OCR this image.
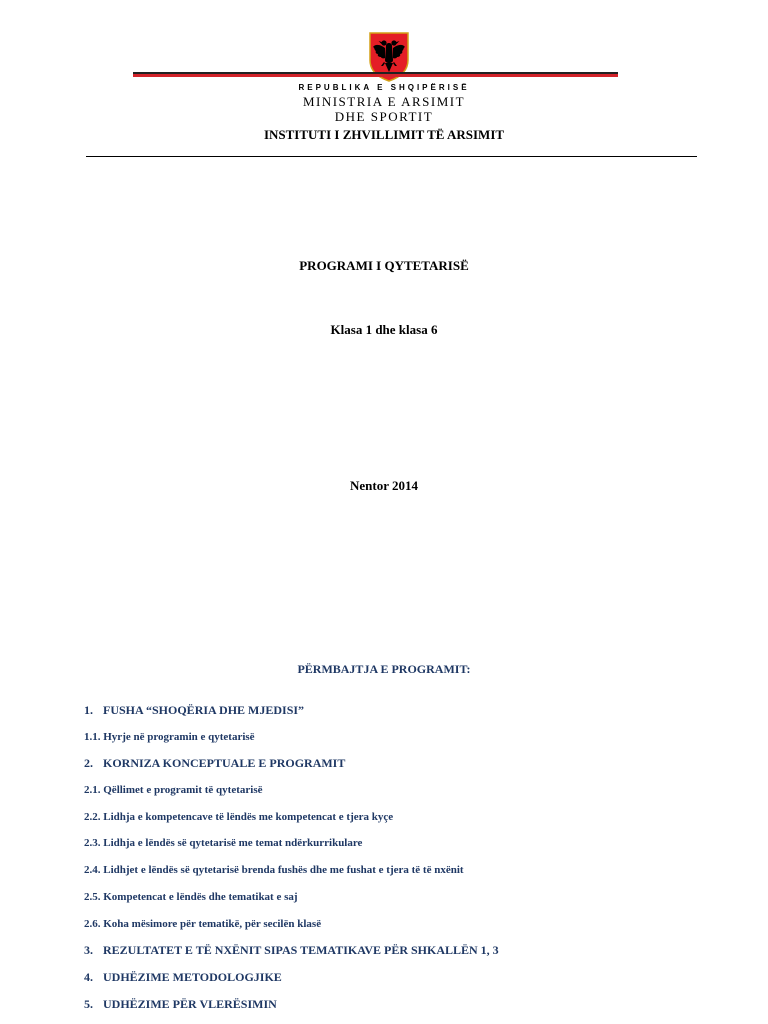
REPUBLIKA E SHQIPËRISË
MINISTRIA E ARSIMIT
DHE SPORTIT
INSTITUTI I ZHVILLIMIT TË ARSIMIT
PROGRAMI I QYTETARISË
Klasa 1 dhe klasa 6
Nentor 2014
PËRMBAJTJA E PROGRAMIT:
1. FUSHA “SHOQËRIA DHE MJEDISI”
1.1. Hyrje në programin e qytetarisë
2. KORNIZA KONCEPTUALE E PROGRAMIT
2.1. Qëllimet e programit të qytetarisë
2.2. Lidhja e kompetencave të lëndës me kompetencat e tjera kyçe
2.3. Lidhja e lëndës së qytetarisë me temat ndërkurrikulare
2.4. Lidhjet e lëndës së qytetarisë brenda fushës dhe me fushat e tjera të të nxënit
2.5. Kompetencat e lëndës dhe tematikat e saj
2.6. Koha mësimore për tematikë, për secilën klasë
3. REZULTATET E TË NXËNIT SIPAS TEMATIKAVE PËR SHKALLËN 1, 3
4. UDHËZIME METODOLOGJIKE
5. UDHËZIME PËR VLERËSIMIN
